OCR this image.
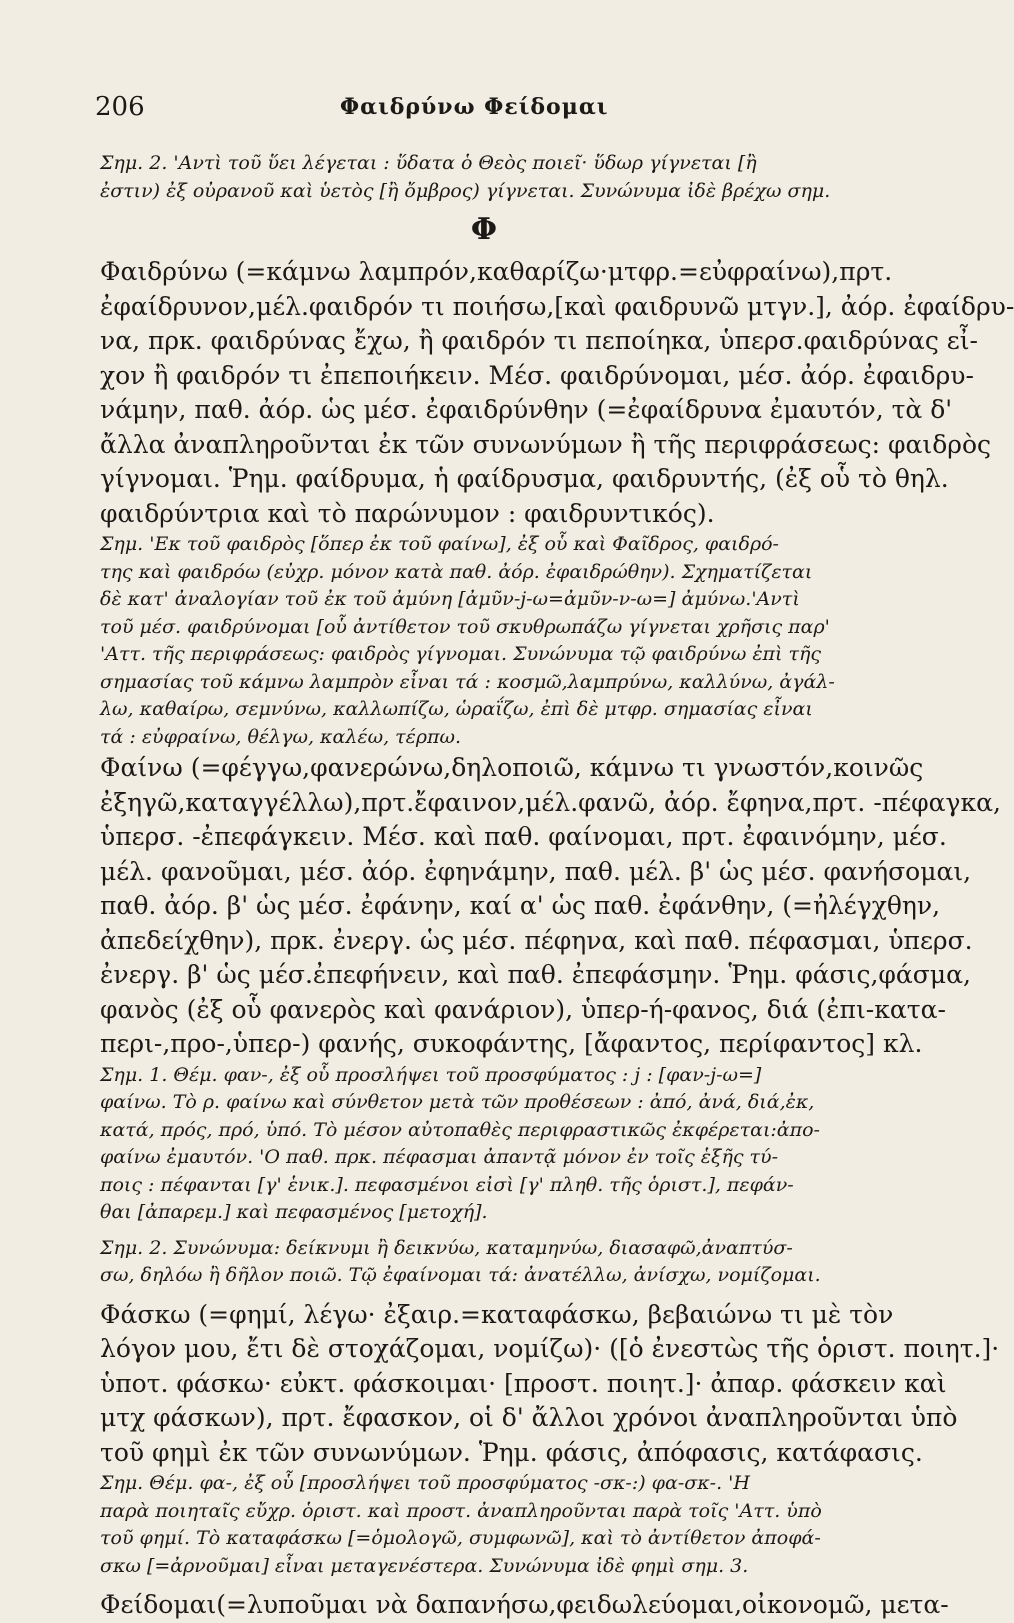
206	Φαιδρύνω Φείδομαι
Σημ. 2. 'Αντὶ τοῦ ὕει λέγεται : ὕδατα ὁ Θεὸς ποιεῖ· ὕδωρ γίγνεται [ἢ
ἐστιν) ἐξ οὐρανοῦ καὶ ὑετὸς [ἢ ὄμβρος) γίγνεται. Συνώνυμα ἰδὲ βρέχω σημ.
Φ
Φαιδρύνω (=κάμνω λαμπρόν,καθαρίζω·μτφρ.=εὐφραίνω),πρτ.
ἐφαίδρυνον,μέλ.φαιδρόν τι ποιήσω,[καὶ φαιδρυνῶ μτγν.], ἀόρ. ἐφαίδρυ-
να, πρκ. φαιδρύνας ἔχω, ἢ φαιδρόν τι πεποίηκα, ὑπερσ.φαιδρύνας εἶ-
χον ἢ φαιδρόν τι ἐπεποιήκειν. Μέσ. φαιδρύνομαι, μέσ. ἀόρ. ἐφαιδρυ-
νάμην, παθ. ἀόρ. ὡς μέσ. ἐφαιδρύνθην (=ἐφαίδρυνα ἐμαυτόν, τὰ δ'
ἄλλα ἀναπληροῦνται ἐκ τῶν συνωνύμων ἢ τῆς περιφράσεως: φαιδρὸς
γίγνομαι. Ῥημ. φαίδρυμα, ἡ φαίδρυσμα, φαιδρυντής, (ἐξ οὗ τὸ θηλ.
φαιδρύντρια καὶ τὸ παρώνυμον : φαιδρυντικός).
Σημ. 'Εκ τοῦ φαιδρὸς [ὅπερ ἐκ τοῦ φαίνω], ἐξ οὗ καὶ Φαῖδρος, φαιδρό-
της καὶ φαιδρόω (εὐχρ. μόνον κατὰ παθ. ἀόρ. ἐφαιδρώθην). Σχηματίζεται
δὲ κατ' ἀναλογίαν τοῦ ἐκ τοῦ ἀμύνη [ἀμῦν-j-ω=ἀμῦν-ν-ω=] ἀμύνω.'Αντὶ
τοῦ μέσ. φαιδρύνομαι [οὗ ἀντίθετον τοῦ σκυθρωπάζω γίγνεται χρῆσις παρ'
'Αττ. τῆς περιφράσεως: φαιδρὸς γίγνομαι. Συνώνυμα τῷ φαιδρύνω ἐπὶ τῆς
σημασίας τοῦ κάμνω λαμπρὸν εἶναι τά : κοσμῶ,λαμπρύνω, καλλύνω, ἀγάλ-
λω, καθαίρω, σεμνύνω, καλλωπίζω, ὡραΐζω, ἐπὶ δὲ μτφρ. σημασίας εἶναι
τά : εὐφραίνω, θέλγω, καλέω, τέρπω.
Φαίνω (=φέγγω,φανερώνω,δηλοποιῶ, κάμνω τι γνωστόν,κοινῶς
ἐξηγῶ,καταγγέλλω),πρτ.ἔφαινον,μέλ.φανῶ, ἀόρ. ἔφηνα,πρτ. -πέφαγκα,
ὑπερσ. -ἐπεφάγκειν. Μέσ. καὶ παθ. φαίνομαι, πρτ. ἐφαινόμην, μέσ.
μέλ. φανοῦμαι, μέσ. ἀόρ. ἐφηνάμην, παθ. μέλ. β' ὡς μέσ. φανήσομαι,
παθ. ἀόρ. β' ὡς μέσ. ἐφάνην, καί α' ὡς παθ. ἐφάνθην, (=ἠλέγχθην,
ἀπεδείχθην), πρκ. ἐνεργ. ὡς μέσ. πέφηνα, καὶ παθ. πέφασμαι, ὑπερσ.
ἐνεργ. β' ὡς μέσ.ἐπεφήνειν, καὶ παθ. ἐπεφάσμην. Ῥημ. φάσις,φάσμα,
φανὸς (ἐξ οὗ φανερὸς καὶ φανάριον), ὑπερ-ή-φανος, διά (ἐπι-κατα-
περι-,προ-,ὑπερ-) φανής, συκοφάντης, [ἄφαντος, περίφαντος] κλ.
Σημ. 1. Θέμ. φαν-, ἐξ οὗ προσλήψει τοῦ προσφύματος : j : [φαν-j-ω=]
φαίνω. Τὸ ρ. φαίνω καὶ σύνθετον μετὰ τῶν προθέσεων : ἀπό, ἀνά, διά,ἐκ,
κατά, πρός, πρό, ὑπό. Τὸ μέσον αὐτοπαθὲς περιφραστικῶς ἐκφέρεται:ἀπο-
φαίνω ἐμαυτόν. 'Ο παθ. πρκ. πέφασμαι ἀπαντᾷ μόνον ἐν τοῖς ἑξῆς τύ-
ποις : πέφανται [γ' ἑνικ.]. πεφασμένοι εἰσὶ [γ' πληθ. τῆς ὁριστ.], πεφάν-
θαι [ἀπαρεμ.] καὶ πεφασμένος [μετοχή].
Σημ. 2. Συνώνυμα: δείκνυμι ἢ δεικνύω, καταμηνύω, διασαφῶ,ἀναπτύσ-
σω, δηλόω ἢ δῆλον ποιῶ. Τῷ ἐφαίνομαι τά: ἀνατέλλω, ἀνίσχω, νομίζομαι.
Φάσκω (=φημί, λέγω· ἐξαιρ.=καταφάσκω, βεβαιώνω τι μὲ τὸν
λόγον μου, ἔτι δὲ στοχάζομαι, νομίζω)· ([ὁ ἐνεστὼς τῆς ὁριστ. ποιητ.]·
ὑποτ. φάσκω· εὐκτ. φάσκοιμαι· [προστ. ποιητ.]· ἀπαρ. φάσκειν καὶ
μτχ φάσκων), πρτ. ἔφασκον, οἱ δ' ἄλλοι χρόνοι ἀναπληροῦνται ὑπὸ
τοῦ φημὶ ἐκ τῶν συνωνύμων. Ῥημ. φάσις, ἀπόφασις, κατάφασις.
Σημ. Θέμ. φα-, ἐξ οὗ [προσλήψει τοῦ προσφύματος -σκ-:) φα-σκ-. 'Η
παρὰ ποιηταῖς εὔχρ. ὁριστ. καὶ προστ. ἀναπληροῦνται παρὰ τοῖς 'Αττ. ὑπὸ
τοῦ φημί. Τὸ καταφάσκω [=ὁμολογῶ, συμφωνῶ], καὶ τὸ ἀντίθετον ἀποφά-
σκω [=ἀρνοῦμαι] εἶναι μεταγενέστερα. Συνώνυμα ἰδὲ φημὶ σημ. 3.
Φείδομαι(=λυποῦμαι νὰ δαπανήσω,φειδωλεύομαι,οἰκονομῶ, μετα-
